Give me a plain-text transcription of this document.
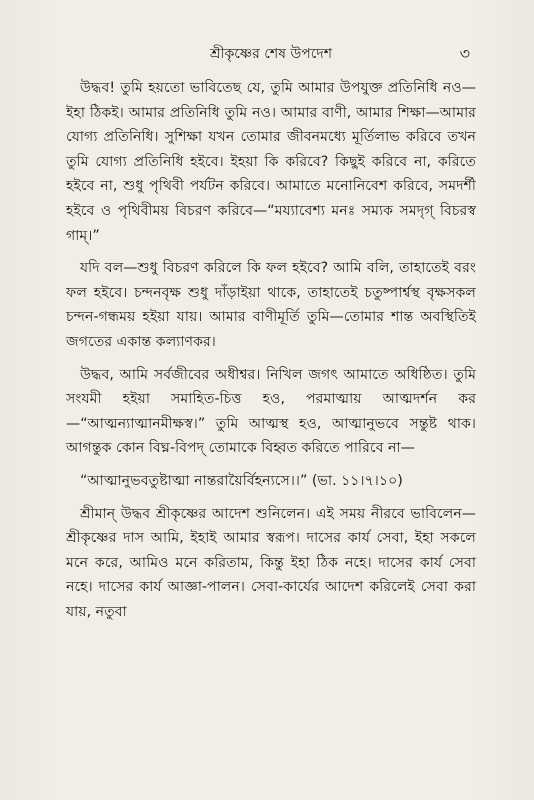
শ্রীকৃষ্ণের শেষ উপদেশ	৩

উদ্ধব! তুমি হয়তো ভাবিতেছ যে, তুমি আমার উপযুক্ত প্রতিনিধি নও—ইহা ঠিকই। আমার প্রতিনিধি তুমি নও। আমার বাণী, আমার শিক্ষা—আমার যোগ্য প্রতিনিধি। সুশিক্ষা যখন তোমার জীবনমধ্যে মূর্তিলাভ করিবে তখন তুমি যোগ্য প্রতিনিধি হইবে। ইহয়া কি করিবে? কিছুই করিবে না, করিতে হইবে না, শুধু পৃথিবী পর্যটন করিবে। আমাতে মনোনিবেশ করিবে, সমদর্শী হইবে ও পৃথিবীময় বিচরণ করিবে—“ময্যাবেশ্য মনঃ সম্যক সমদৃগ্‌ বিচরস্ব গাম্‌।”

যদি বল—শুধু বিচরণ করিলে কি ফল হইবে? আমি বলি, তাহাতেই বরং ফল হইবে। চন্দনবৃক্ষ শুধু দাঁড়াইয়া থাকে, তাহাতেই চতুষ্পার্শ্বস্থ বৃক্ষসকল চন্দন-গন্ধময় হইয়া যায়। আমার বাণীমূর্তি তুমি—তোমার শান্ত অবস্থিতিই জগতের একান্ত কল্যাণকর।

উদ্ধব, আমি সর্বজীবের অধীশ্বর। নিখিল জগৎ আমাতে অধিষ্ঠিত। তুমি সংযমী হইয়া সমাহিত-চিত্ত হও, পরমাত্মায় আত্মদর্শন কর—“আত্মন্যাত্মানমীক্ষস্ব।” তুমি আত্মস্থ হও, আত্মানুভবে সন্তুষ্ট থাক। আগন্তুক কোন বিঘ্ন-বিপদ্‌ তোমাকে বিহ্বত করিতে পারিবে না—

“আত্মানুভবতুষ্টাত্মা নান্তরায়ৈর্বিহন্যসে।।” (ভা. ১১।৭।১০)

শ্রীমান্‌ উদ্ধব শ্রীকৃষ্ণের আদেশ শুনিলেন। এই সময় নীরবে ভাবিলেন—শ্রীকৃষ্ণের দাস আমি, ইহাই আমার স্বরূপ। দাসের কার্য সেবা, ইহা সকলে মনে করে, আমিও মনে করিতাম, কিন্তু ইহা ঠিক নহে। দাসের কার্য সেবা নহে। দাসের কার্য আজ্ঞা-পালন। সেবা-কার্যের আদেশ করিলেই সেবা করা যায়, নতুবা
